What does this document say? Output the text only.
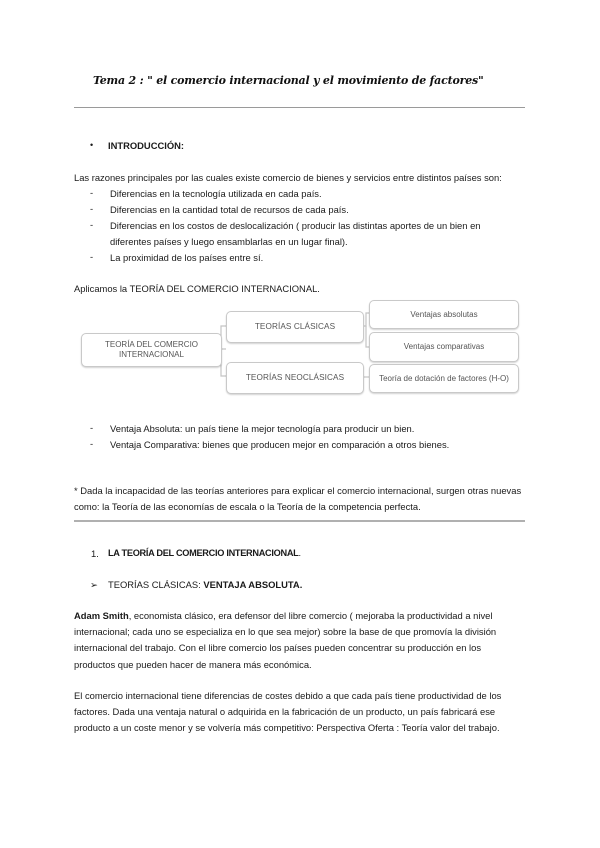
Tema 2 : " el comercio internacional y el movimiento de factores"
• INTRODUCCIÓN:
Las razones principales por las cuales existe comercio de bienes y servicios entre distintos países son:
- Diferencias en la tecnología utilizada en cada país.
- Diferencias en la cantidad total de recursos de cada país.
- Diferencias en los costos de deslocalización ( producir las distintas aportes de un bien en
diferentes países y luego ensamblarlas en un lugar final).
- La proximidad de los países entre sí.
Aplicamos la TEORÍA DEL COMERCIO INTERNACIONAL.
TEORÍA DEL COMERCIO INTERNACIONAL
TEORÍAS CLÁSICAS
TEORÍAS NEOCLÁSICAS
Ventajas absolutas
Ventajas comparativas
Teoría de dotación de factores (H-O)
- Ventaja Absoluta: un país tiene la mejor tecnología para producir un bien.
- Ventaja Comparativa: bienes que producen mejor en comparación a otros bienes.
* Dada la incapacidad de las teorías anteriores para explicar el comercio internacional, surgen otras nuevas como: la Teoría de las economías de escala o la Teoría de la competencia perfecta.
1. LA TEORÍA DEL COMERCIO INTERNACIONAL.
➢ TEORÍAS CLÁSICAS: VENTAJA ABSOLUTA.
Adam Smith, economista clásico, era defensor del libre comercio ( mejoraba la productividad a nivel internacional; cada uno se especializa en lo que sea mejor) sobre la base de que promovía la división internacional del trabajo. Con el libre comercio los países pueden concentrar su producción en los productos que pueden hacer de manera más económica.
El comercio internacional tiene diferencias de costes debido a que cada país tiene productividad de los factores. Dada una ventaja natural o adquirida en la fabricación de un producto, un país fabricará ese producto a un coste menor y se volvería más competitivo: Perspectiva Oferta : Teoría valor del trabajo.
